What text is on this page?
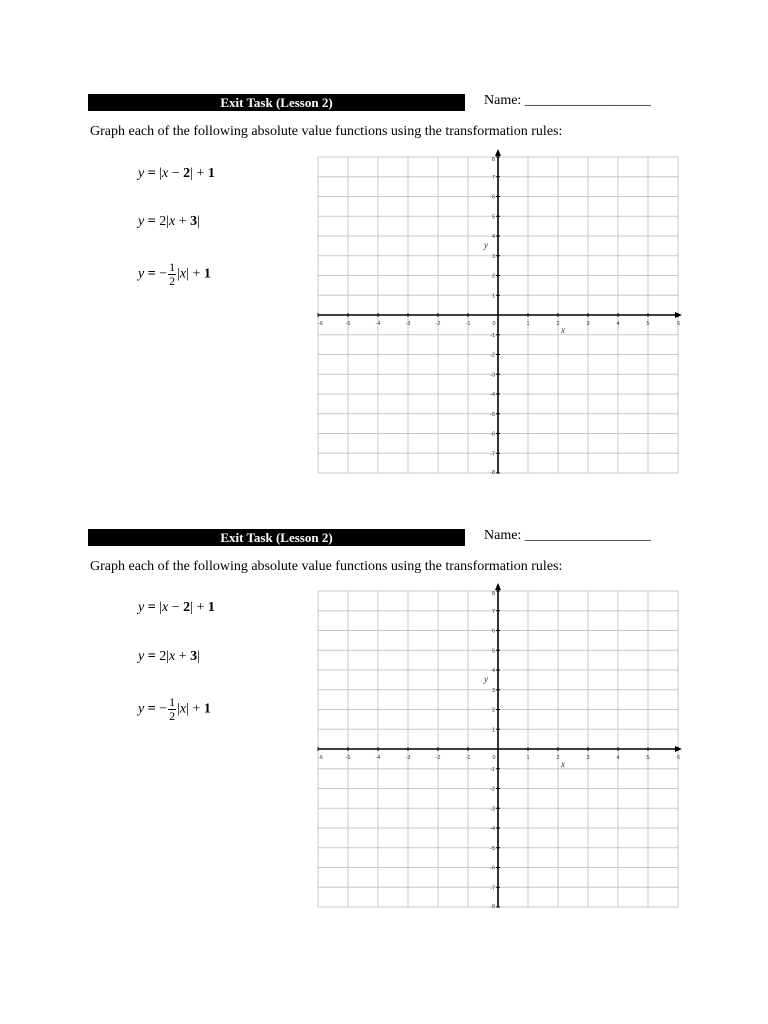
Exit Task (Lesson 2)	Name: __________________
Graph each of the following absolute value functions using the transformation rules:
y = |x − 2| + 1
y = 2|x + 3|
y = − $\frac{1}{2} |x| + 1$
-6	-5	-4	-3	-2	-1	0	1	2	3	4	5	6
8
7
6
5
4
3
2
1
-1
-2
-3
-4
-5
-6
-7
-8
x
y
Exit Task (Lesson 2)	Name: __________________
Graph each of the following absolute value functions using the transformation rules:
y = |x − 2| + 1
y = 2|x + 3|
y = − $\frac{1}{2} |x| + 1$
-6	-5	-4	-3	-2	-1	0	1	2	3	4	5	6
8
7
6
5
4
3
2
1
-1
-2
-3
-4
-5
-6
-7
-8
x
y
